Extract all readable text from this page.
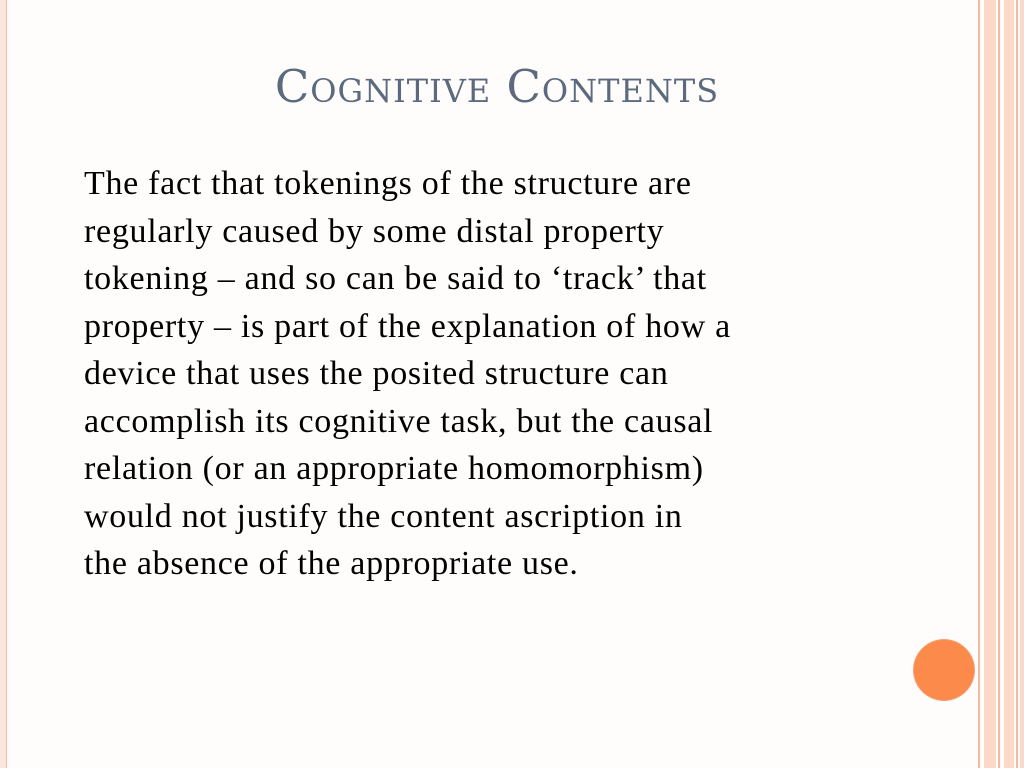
Cognitive Contents

The fact that tokenings of the structure are
regularly caused by some distal property
tokening – and so can be said to ‘track’ that
property – is part of the explanation of how a
device that uses the posited structure can
accomplish its cognitive task, but the causal
relation (or an appropriate homomorphism)
would not justify the content ascription in
the absence of the appropriate use.
